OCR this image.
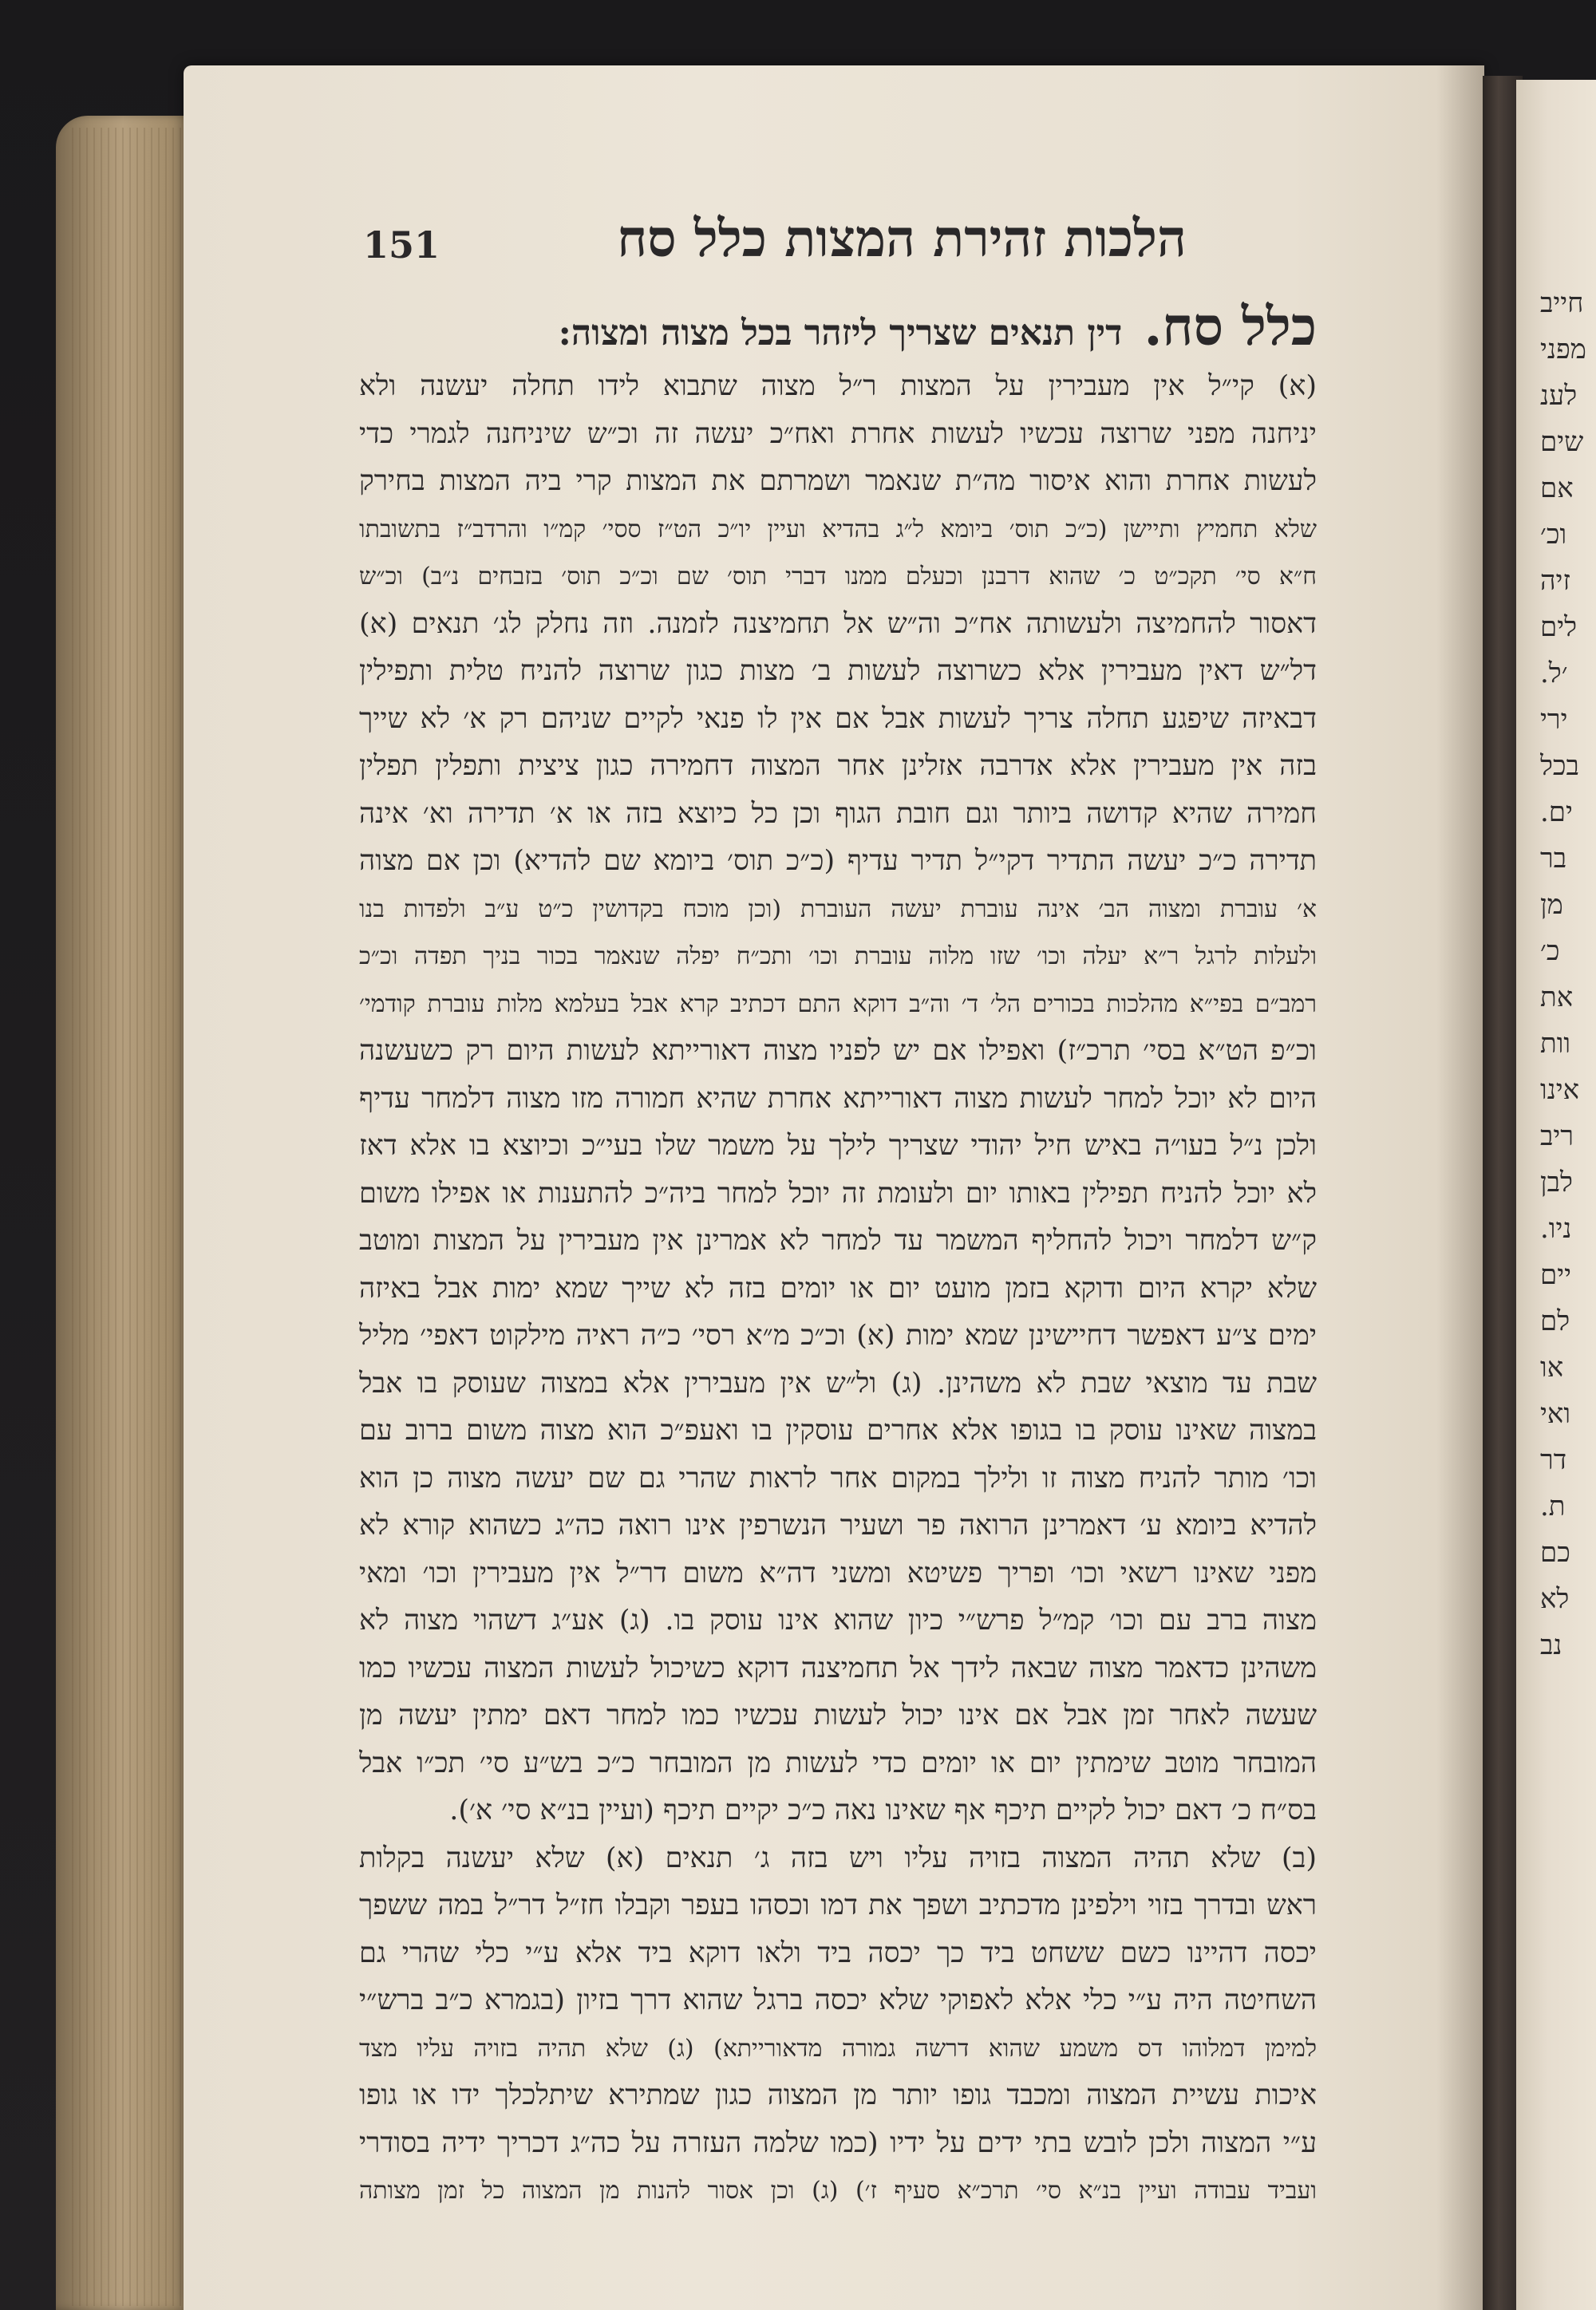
חייב
מפני
לענ
שים
אם
וכ׳
זיה
לים
׳ל.
ירי
בכל
ים.
בר
מן
כ׳
את
וות
אינו
ריב
לבן
ניו.
יים
לם
או
ואי
דר
ת.
כם
לא
נב
151	הלכות זהירת המצות כלל סח
כלל סח. דין תנאים שצריך ליזהר בכל מצוה ומצוה:
(א) קי״ל אין מעבירין על המצות ר״ל מצוה שתבוא לידו תחלה יעשנה ולא
יניחנה מפני שרוצה עכשיו לעשות אחרת ואח״כ יעשה זה וכ״ש שיניחנה לגמרי כדי
לעשות אחרת והוא איסור מה״ת שנאמר ושמרתם את המצות קרי ביה המצות בחירק
שלא תחמיץ ותיישן (כ״כ תוס׳ ביומא ל״ג בהדיא ועיין יו״כ הט״ז ססי׳ קמ״ו והרדב״ז בתשובתו
ח״א סי׳ תקכ״ט כ׳ שהוא דרבנן וכעלם ממנו דברי תוס׳ שם וכ״כ תוס׳ בזבחים נ״ב) וכ״ש
דאסור להחמיצה ולעשותה אח״כ וה״ש אל תחמיצנה לזמנה. וזה נחלק לג׳ תנאים (א)
דל״ש דאין מעבירין אלא כשרוצה לעשות ב׳ מצות כגון שרוצה להניח טלית ותפילין
דבאיזה שיפגע תחלה צריך לעשות אבל אם אין לו פנאי לקיים שניהם רק א׳ לא שייך
בזה אין מעבירין אלא אדרבה אזלינן אחר המצוה דחמירה כגון ציצית ותפלין תפלין
חמירה שהיא קדושה ביותר וגם חובת הגוף וכן כל כיוצא בזה או א׳ תדירה וא׳ אינה
תדירה כ״כ יעשה התדיר דקי״ל תדיר עדיף (כ״כ תוס׳ ביומא שם להדיא) וכן אם מצוה
א׳ עוברת ומצוה הב׳ אינה עוברת יעשה העוברת (וכן מוכח בקדושין כ״ט ע״ב ולפדות בנו
ולעלות לרגל ר״א יעלה וכו׳ שזו מלוה עוברת וכו׳ ותכ״ח יפלה שנאמר בכור בניך תפדה וכ״כ
רמב״ם בפי״א מהלכות בכורים הל׳ ד׳ וה״ב דוקא התם דכתיב קרא אבל בעלמא מלות עוברת קודמי׳
וכ״פ הט״א בסי׳ תרכ״ז) ואפילו אם יש לפניו מצוה דאורייתא לעשות היום רק כשעשנה
היום לא יוכל למחר לעשות מצוה דאורייתא אחרת שהיא חמורה מזו מצוה דלמחר עדיף
ולכן נ״ל בעו״ה באיש חיל יהודי שצריך לילך על משמר שלו בעי״כ וכיוצא בו אלא דאז
לא יוכל להניח תפילין באותו יום ולעומת זה יוכל למחר ביה״כ להתענות או אפילו משום
ק״ש דלמחר ויכול להחליף המשמר עד למחר לא אמרינן אין מעבירין על המצות ומוטב
שלא יקרא היום ודוקא בזמן מועט יום או יומים בזה לא שייך שמא ימות אבל באיזה
ימים צ״ע דאפשר דחיישינן שמא ימות (א) וכ״כ מ״א רסי׳ כ״ה ראיה מילקוט דאפי׳ מליל
שבת עד מוצאי שבת לא משהינן. (ג) ול״ש אין מעבירין אלא במצוה שעוסק בו אבל
במצוה שאינו עוסק בו בגופו אלא אחרים עוסקין בו ואעפ״כ הוא מצוה משום ברוב עם
וכו׳ מותר להניח מצוה זו ולילך במקום אחר לראות שהרי גם שם יעשה מצוה כן הוא
להדיא ביומא ע׳ דאמרינן הרואה פר ושעיר הנשרפין אינו רואה כה״ג כשהוא קורא לא
מפני שאינו רשאי וכו׳ ופריך פשיטא ומשני דה״א משום דר״ל אין מעבירין וכו׳ ומאי
מצוה ברב עם וכו׳ קמ״ל פרש״י כיון שהוא אינו עוסק בו. (ג) אע״ג דשהוי מצוה לא
משהינן כדאמר מצוה שבאה לידך אל תחמיצנה דוקא כשיכול לעשות המצוה עכשיו כמו
שעשה לאחר זמן אבל אם אינו יכול לעשות עכשיו כמו למחר דאם ימתין יעשה מן
המובחר מוטב שימתין יום או יומים כדי לעשות מן המובחר כ״כ בש״ע סי׳ תכ״ו אבל
בס״ח כ׳ דאם יכול לקיים תיכף אף שאינו נאה כ״כ יקיים תיכף (ועיין בנ״א סי׳ א׳).
(ב) שלא תהיה המצוה בזויה עליו ויש בזה ג׳ תנאים (א) שלא יעשנה בקלות
ראש ובדרך בזוי וילפינן מדכתיב ושפך את דמו וכסהו בעפר וקבלו חז״ל דר״ל במה ששפך
יכסה דהיינו כשם ששחט ביד כך יכסה ביד ולאו דוקא ביד אלא ע״י כלי שהרי גם
השחיטה היה ע״י כלי אלא לאפוקי שלא יכסה ברגל שהוא דרך בזיון (בגמרא כ״ב ברש״י
למימן דמלוהו דס משמע שהוא דרשה גמורה מדאורייתא) (ג) שלא תהיה בזויה עליו מצד
איכות עשיית המצוה ומכבד גופו יותר מן המצוה כגון שמתירא שיתלכלך ידו או גופו
ע״י המצוה ולכן לובש בתי ידים על ידיו (כמו שלמה העזרה על כה״ג דכריך ידיה בסודרי
ועביד עבודה ועיין בנ״א סי׳ תרכ״א סעיף ז׳) (ג) וכן אסור להנות מן המצוה כל זמן מצותה
